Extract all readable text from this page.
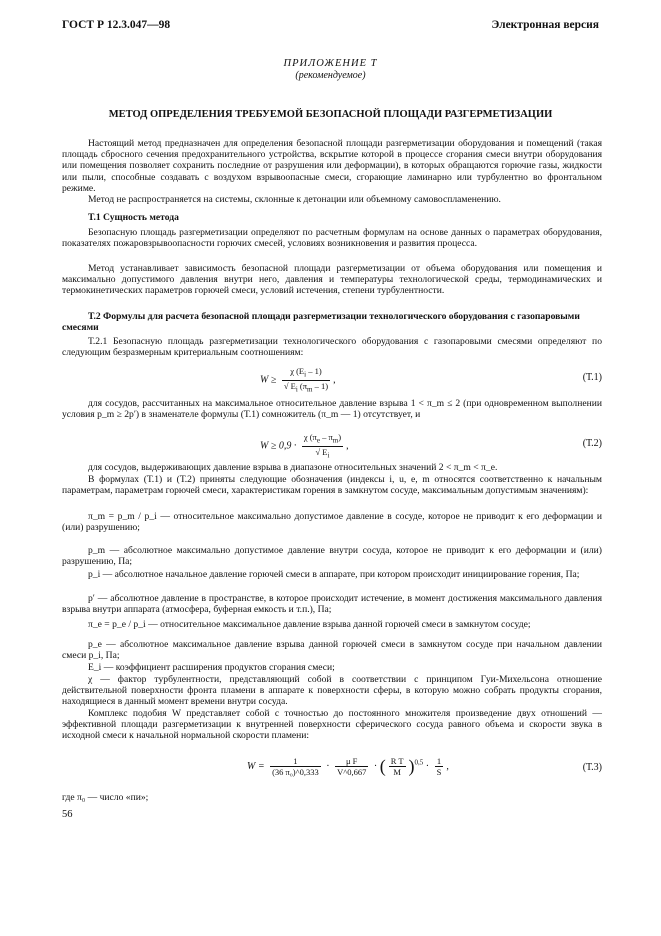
ГОСТ Р 12.3.047—98	Электронная версия
ПРИЛОЖЕНИЕ Т
(рекомендуемое)
МЕТОД ОПРЕДЕЛЕНИЯ ТРЕБУЕМОЙ БЕЗОПАСНОЙ ПЛОЩАДИ РАЗГЕРМЕТИЗАЦИИ
Настоящий метод предназначен для определения безопасной площади разгерметизации оборудования и помещений (такая площадь сбросного сечения предохранительного устройства, вскрытие которой в процессе сгорания смеси внутри оборудования или помещения позволяет сохранить последние от разрушения или деформации), в которых обращаются горючие газы, жидкости или пыли, способные создавать с воздухом взрывоопасные смеси, сгорающие ламинарно или турбулентно во фронтальном режиме.
Метод не распространяется на системы, склонные к детонации или объемному самовоспламенению.
Т.1 Сущность метода
Безопасную площадь разгерметизации определяют по расчетным формулам на основе данных о параметрах оборудования, показателях пожаровзрывоопасности горючих смесей, условиях возникновения и развития процесса.
Метод устанавливает зависимость безопасной площади разгерметизации от объема оборудования или помещения и максимально допустимого давления внутри него, давления и температуры технологической среды, термодинамических и термокинетических параметров горючей смеси, условий истечения, степени турбулентности.
Т.2 Формулы для расчета безопасной площади разгерметизации технологического оборудования с газопаровыми смесями
Т.2.1 Безопасную площадь разгерметизации технологического оборудования с газопаровыми смесями определяют по следующим безразмерным критериальным соотношениям:
$W \ge \frac{\chi (E_i - 1)}{√ E_i (\pi_m - 1)}$ ,	(Т.1)
для сосудов, рассчитанных на максимальное относительное давление взрыва 1 < π_m ≤ 2 (при одновременном выполнении условия p_m ≥ 2p′) в знаменателе формулы (Т.1) сомножитель (π_m — 1) отсутствует, и
$W \ge 0,9 \cdot \frac{\chi (\pi_e - \pi_m)}{√ E_i}$ ,	(Т.2)
для сосудов, выдерживающих давление взрыва в диапазоне относительных значений 2 < π_m < π_e.
В формулах (Т.1) и (Т.2) приняты следующие обозначения (индексы i, u, e, m относятся соответственно к начальным параметрам, параметрам горючей смеси, характеристикам горения в замкнутом сосуде, максимальным допустимым значениям):
π_m = p_m / p_i — относительное максимально допустимое давление в сосуде, которое не приводит к его деформации и (или) разрушению;
p_m — абсолютное максимально допустимое давление внутри сосуда, которое не приводит к его деформации и (или) разрушению, Па;
p_i — абсолютное начальное давление горючей смеси в аппарате, при котором происходит инициирование горения, Па;
p′ — абсолютное давление в пространстве, в которое происходит истечение, в момент достижения максимального давления взрыва внутри аппарата (атмосфера, буферная емкость и т.п.), Па;
π_e = p_e / p_i — относительное максимальное давление взрыва данной горючей смеси в замкнутом сосуде;
p_e — абсолютное максимальное давление взрыва данной горючей смеси в замкнутом сосуде при начальном давлении смеси p_i, Па;
E_i — коэффициент расширения продуктов сгорания смеси;
χ — фактор турбулентности, представляющий собой в соответствии с принципом Гуи-Михельсона отношение действительной поверхности фронта пламени в аппарате к поверхности сферы, в которую можно собрать продукты сгорания, находящиеся в данный момент времени внутри сосуда.
Комплекс подобия W представляет собой с точностью до постоянного множителя произведение двух отношений — эффективной площади разгерметизации к внутренней поверхности сферического сосуда равного объема и скорости звука в исходной смеси к начальной нормальной скорости пламени:
$W = \frac{1}{\text{(36 π₀)\textasciicircum{}0,333}} \cdot \frac{\text{μ F}}{V\^{}0,667}$ · ( $\frac{\text{R T}}{M} )^{0,5} \cdot \frac{1}{S}$ ,	(Т.3)
где π₀ — число «пи»;
56
